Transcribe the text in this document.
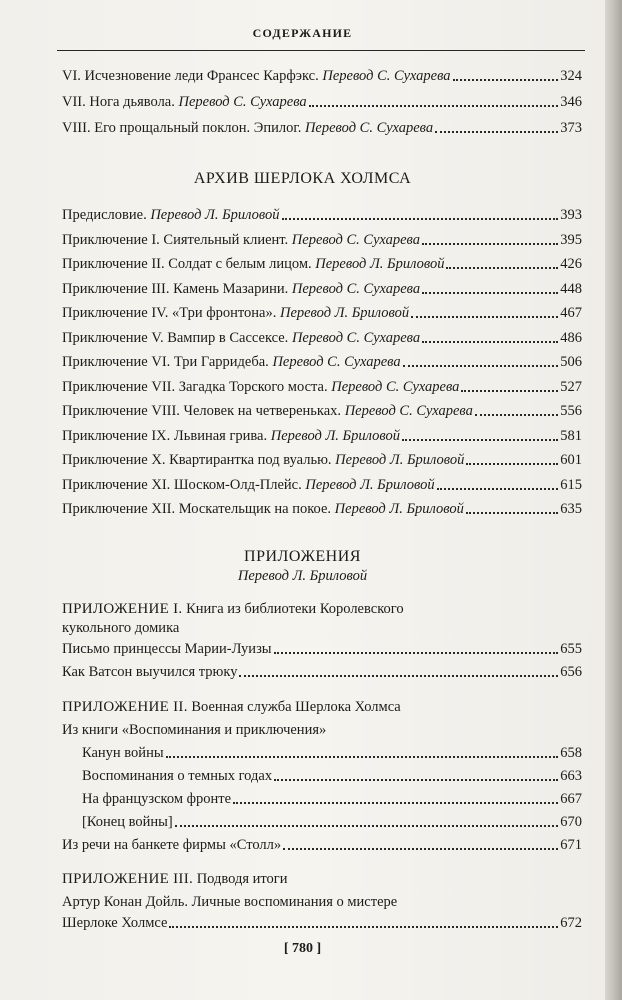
СОДЕРЖАНИЕ
VI. Исчезновение леди Франсес Карфэкс.
Перевод С. Сухарева	324
VII. Нога дьявола.
Перевод С. Сухарева	346
VIII. Его прощальный поклон. Эпилог.
Перевод С. Сухарева	373
АРХИВ ШЕРЛОКА ХОЛМСА
Предисловие.
Перевод Л. Бриловой	393
Приключение I. Сиятельный клиент.
Перевод С. Сухарева	395
Приключение II. Солдат с белым лицом.
Перевод Л. Бриловой	426
Приключение III. Камень Мазарини.
Перевод С. Сухарева	448
Приключение IV. «Три фронтона».
Перевод Л. Бриловой	467
Приключение V. Вампир в Сассексе.
Перевод С. Сухарева	486
Приключение VI. Три Гарридеба.
Перевод С. Сухарева	506
Приключение VII. Загадка Торского моста.
Перевод С. Сухарева	527
Приключение VIII. Человек на четвереньках.
Перевод С. Сухарева	556
Приключение IX. Львиная грива.
Перевод Л. Бриловой	581
Приключение X. Квартирантка под вуалью.
Перевод Л. Бриловой	601
Приключение XI. Шоском-Олд-Плейс.
Перевод Л. Бриловой	615
Приключение XII. Москательщик на покое.
Перевод Л. Бриловой	635
ПРИЛОЖЕНИЯ
Перевод Л. Бриловой
ПРИЛОЖЕНИЕ I. Книга из библиотеки Королевского
кукольного домика
Письмо принцессы Марии-Луизы	655
Как Ватсон выучился трюку	656
ПРИЛОЖЕНИЕ II. Военная служба Шерлока Холмса
Из книги «Воспоминания и приключения»
Канун войны	658
Воспоминания о темных годах	663
На французском фронте	667
[Конец войны]	670
Из речи на банкете фирмы «Столл»	671
ПРИЛОЖЕНИЕ III. Подводя итоги
Артур Конан Дойль. Личные воспоминания о мистере
Шерлоке Холмсе	672
[ 780 ]
